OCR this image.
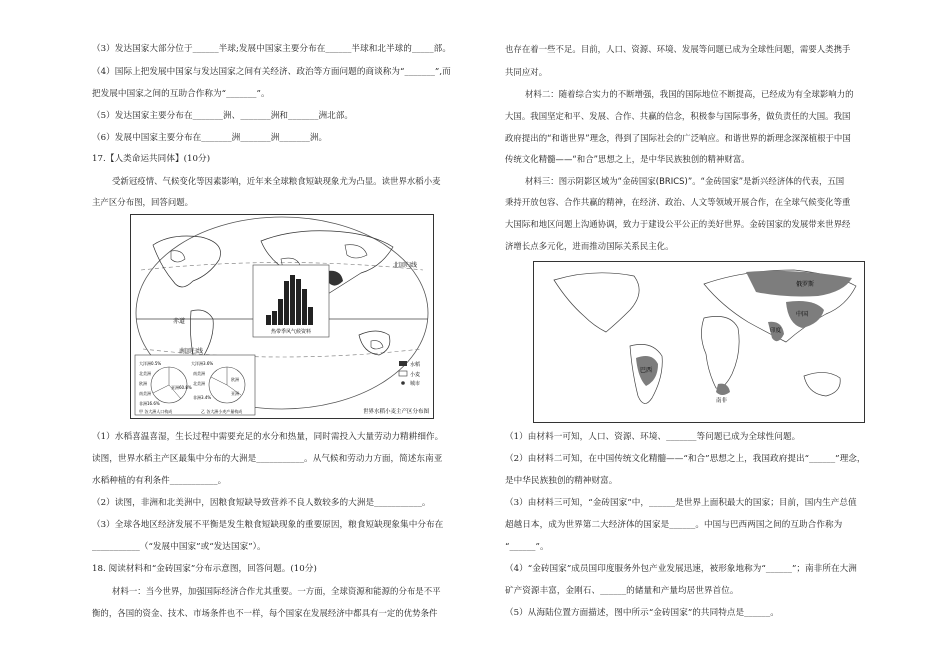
（3）发达国家大部分位于______半球;发展中国家主要分布在______半球和北半球的_____部。
（4）国际上把发展中国家与发达国家之间有关经济、政治等方面问题的商谈称为“_______”,而
把发展中国家之间的互助合作称为“_______”。
（5）发达国家主要分布在_______洲、_______洲和_______洲北部。
（6）发展中国家主要分布在_______洲_______洲_______洲。
17.【人类命运共同体】(10分)
受新冠疫情、气候变化等因素影响，近年来全球粮食短缺现象尤为凸显。读世界水稻小麦
主产区分布图，回答问题。
热带季风气候资料
赤道
北回归线
南回归线
大洋洲0.5%
北美洲
欧洲
南美洲
非洲16.6%
亚洲60.8%
大洋洲3.6%
南美洲
北美洲
欧洲
非洲3.4%
亚洲
甲 各大洲人口构成	乙 各大洲小麦产量构成
水稻
小麦
城市
世界水稻小麦主产区分布图
（1）水稻喜温喜湿，生长过程中需要充足的水分和热量，同时需投入大量劳动力精耕细作。
读图，世界水稻主产区最集中分布的大洲是___________。从气候和劳动力方面，简述东南亚
水稻种植的有利条件___________。
（2）读图，非洲和北美洲中，因粮食短缺导致营养不良人数较多的大洲是___________。
（3）全球各地区经济发展不平衡是发生粮食短缺现象的重要原因，粮食短缺现象集中分布在
___________（“发展中国家”或“发达国家”）。
18. 阅读材料和“金砖国家”分布示意图，回答问题。(10分)
材料一：当今世界，加强国际经济合作尤其重要。一方面，全球资源和能源的分布是不平
衡的，各国的资金、技术、市场条件也不一样，每个国家在发展经济中都具有一定的优势条件
也存在着一些不足。目前，人口、资源、环境、发展等问题已成为全球性问题，需要人类携手
共同应对。
材料二：随着综合实力的不断增强，我国的国际地位不断提高，已经成为有全球影响力的
大国。我国坚定和平、发展、合作、共赢的信念，积极参与国际事务，做负责任的大国。我国
政府提出的“和谐世界”理念，得到了国际社会的广泛响应。和谐世界的新理念深深植根于中国
传统文化精髓——“和合”思想之上，是中华民族独创的精神财富。
材料三：图示阴影区域为“金砖国家(BRICS)”。“金砖国家”是新兴经济体的代表，五国
秉持开放包容、合作共赢的精神，在经济、政治、人文等领域开展合作，在全球气候变化等重
大国际和地区问题上沟通协调，致力于建设公平公正的美好世界。金砖国家的发展带来世界经
济增长点多元化，进而推动国际关系民主化。
俄罗斯
中国
印度
巴西
南非
（1）由材料一可知，人口、资源、环境、_______等问题已成为全球性问题。
（2）由材料二可知，在中国传统文化精髓——“和合”思想之上，我国政府提出“______”理念，
是中华民族独创的精神财富。
（3）由材料三可知，“金砖国家”中，______是世界上面积最大的国家；目前，国内生产总值
超越日本，成为世界第二大经济体的国家是______。中国与巴西两国之间的互助合作称为
“______”。
（4）“金砖国家”成员国印度服务外包产业发展迅速，被形象地称为“______”；南非所在大洲
矿产资源丰富，金刚石、______的储量和产量均居世界首位。
（5）从海陆位置方面描述，图中所示“金砖国家”的共同特点是______。
